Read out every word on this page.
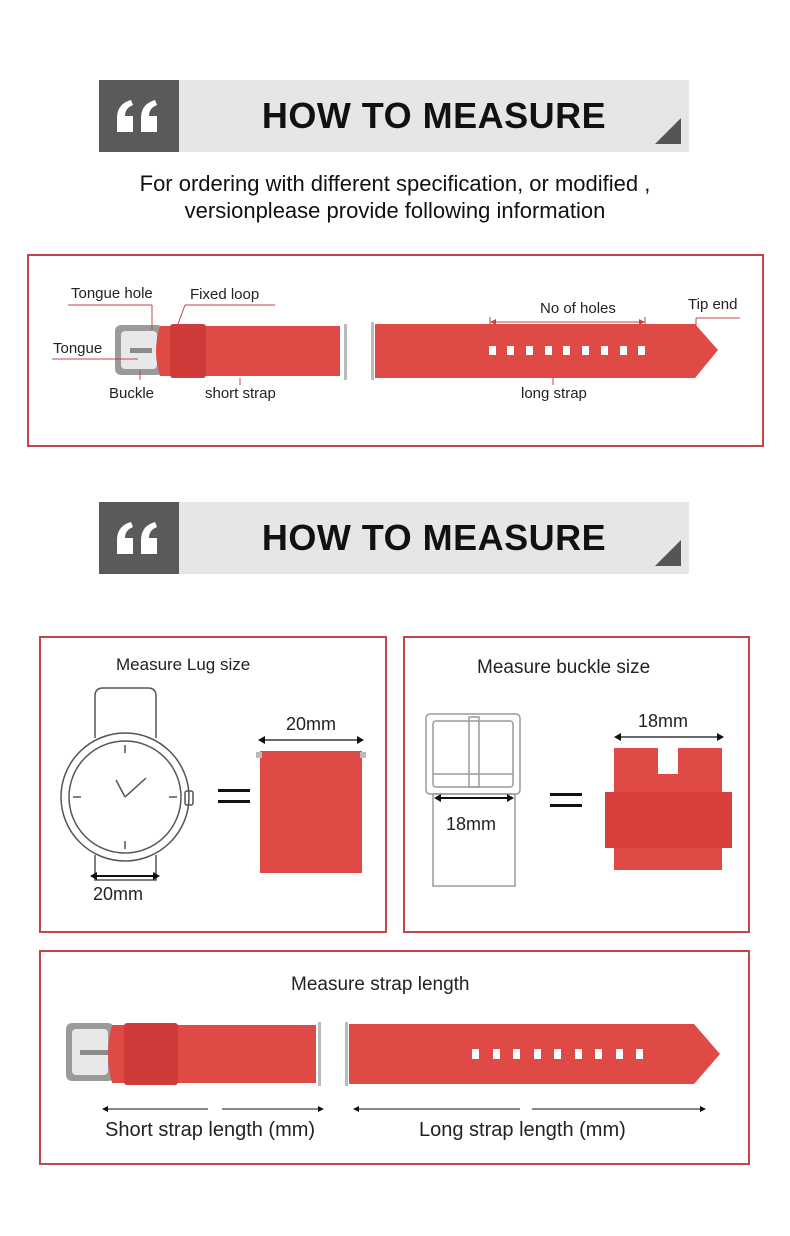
HOW TO MEASURE
For ordering with different specification, or modified ,
versionplease provide following information
Tongue hole Fixed loop
Tongue
Buckle	short strap
No of holes	Tip end
long strap
HOW TO MEASURE
Measure Lug size
20mm
20mm
Measure buckle size
18mm
18mm
Measure strap length
Short strap length (mm)	Long strap length (mm)
